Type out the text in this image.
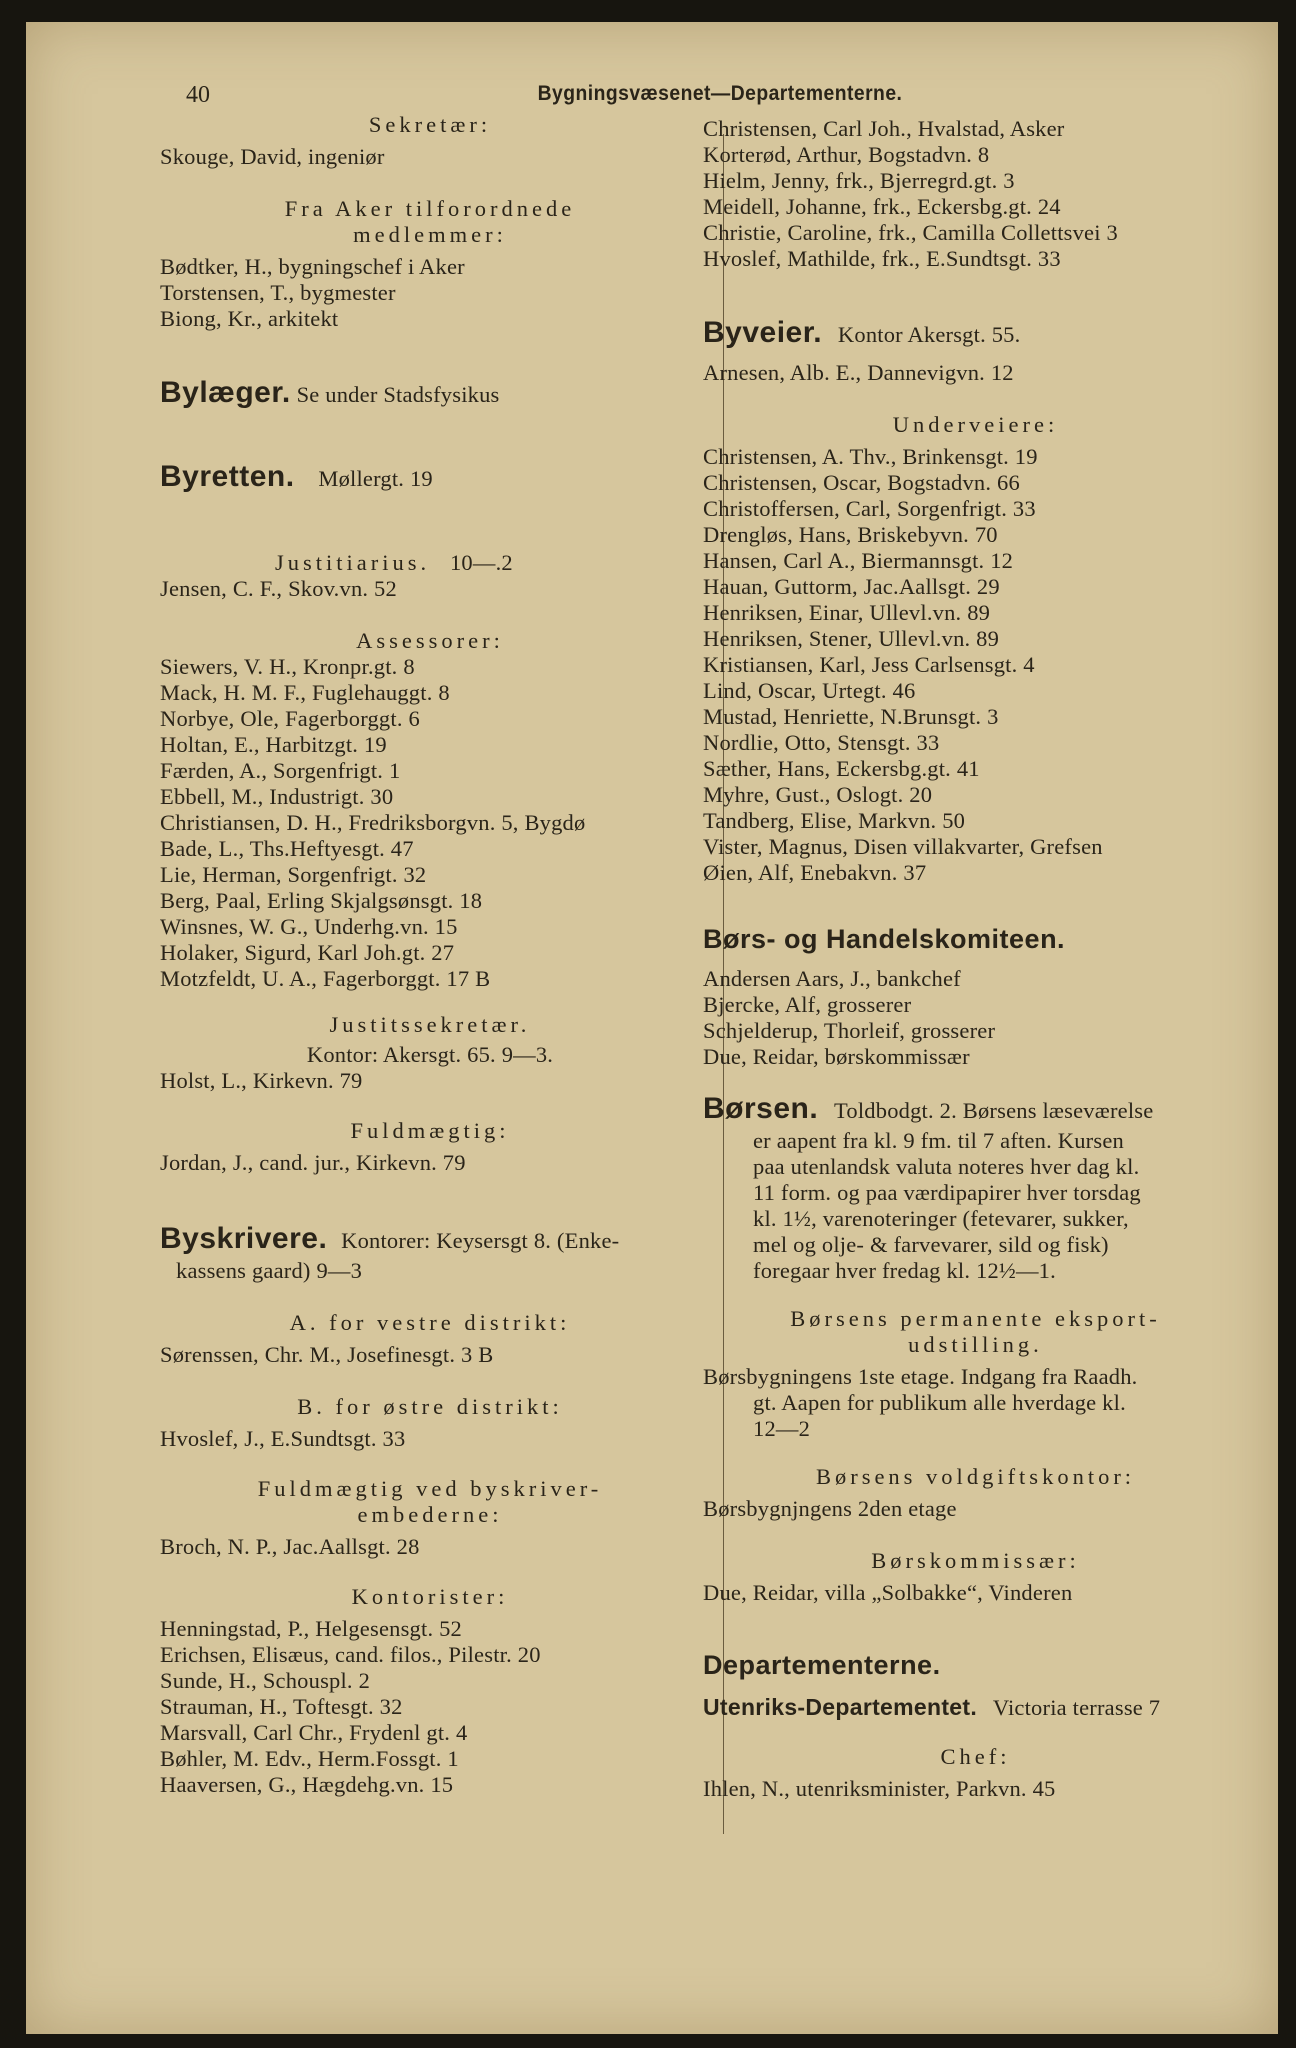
40	Bygningsvæsenet—Departementerne.
Sekretær:
Skouge, David, ingeniør
Fra Aker tilforordnede
medlemmer:
Bødtker, H., bygningschef i Aker
Torstensen, T., bygmester
Biong, Kr., arkitekt
Bylæger. Se under Stadsfysikus
Byretten. Møllergt. 19
Justitiarius. 10—.2
Jensen, C. F., Skov.vn. 52
Assessorer:
Siewers, V. H., Kronpr.gt. 8
Mack, H. M. F., Fuglehauggt. 8
Norbye, Ole, Fagerborggt. 6
Holtan, E., Harbitzgt. 19
Færden, A., Sorgenfrigt. 1
Ebbell, M., Industrigt. 30
Christiansen, D. H., Fredriksborgvn. 5, Bygdø
Bade, L., Ths.Heftyesgt. 47
Lie, Herman, Sorgenfrigt. 32
Berg, Paal, Erling Skjalgsønsgt. 18
Winsnes, W. G., Underhg.vn. 15
Holaker, Sigurd, Karl Joh.gt. 27
Motzfeldt, U. A., Fagerborggt. 17 B
Justitssekretær.
Kontor: Akersgt. 65. 9—3.
Holst, L., Kirkevn. 79
Fuldmægtig:
Jordan, J., cand. jur., Kirkevn. 79
Byskrivere. Kontorer: Keysersgt 8. (Enke-
kassens gaard) 9—3
A. for vestre distrikt:
Sørenssen, Chr. M., Josefinesgt. 3 B
B. for østre distrikt:
Hvoslef, J., E.Sundtsgt. 33
Fuldmægtig ved byskriver-
embederne:
Broch, N. P., Jac.Aallsgt. 28
Kontorister:
Henningstad, P., Helgesensgt. 52
Erichsen, Elisæus, cand. filos., Pilestr. 20
Sunde, H., Schouspl. 2
Strauman, H., Toftesgt. 32
Marsvall, Carl Chr., Frydenl gt. 4
Bøhler, M. Edv., Herm.Fossgt. 1
Haaversen, G., Hægdehg.vn. 15
Christensen, Carl Joh., Hvalstad, Asker
Korterød, Arthur, Bogstadvn. 8
Hielm, Jenny, frk., Bjerregrd.gt. 3
Meidell, Johanne, frk., Eckersbg.gt. 24
Christie, Caroline, frk., Camilla Collettsvei 3
Hvoslef, Mathilde, frk., E.Sundtsgt. 33
Byveier. Kontor Akersgt. 55.
Arnesen, Alb. E., Dannevigvn. 12
Underveiere:
Christensen, A. Thv., Brinkensgt. 19
Christensen, Oscar, Bogstadvn. 66
Christoffersen, Carl, Sorgenfrigt. 33
Drengløs, Hans, Briskebyvn. 70
Hansen, Carl A., Biermannsgt. 12
Hauan, Guttorm, Jac.Aallsgt. 29
Henriksen, Einar, Ullevl.vn. 89
Henriksen, Stener, Ullevl.vn. 89
Kristiansen, Karl, Jess Carlsensgt. 4
Lind, Oscar, Urtegt. 46
Mustad, Henriette, N.Brunsgt. 3
Nordlie, Otto, Stensgt. 33
Sæther, Hans, Eckersbg.gt. 41
Myhre, Gust., Oslogt. 20
Tandberg, Elise, Markvn. 50
Vister, Magnus, Disen villakvarter, Grefsen
Øien, Alf, Enebakvn. 37
Børs- og Handelskomiteen.
Andersen Aars, J., bankchef
Bjercke, Alf, grosserer
Schjelderup, Thorleif, grosserer
Due, Reidar, børskommissær
Børsen. Toldbodgt. 2. Børsens læseværelse
er aapent fra kl. 9 fm. til 7 aften. Kursen
paa utenlandsk valuta noteres hver dag kl.
11 form. og paa værdipapirer hver torsdag
kl. 1½, varenoteringer (fetevarer, sukker,
mel og olje- & farvevarer, sild og fisk)
foregaar hver fredag kl. 12½—1.
Børsens permanente eksport-
udstilling.
Børsbygningens 1ste etage. Indgang fra Raadh.
gt. Aapen for publikum alle hverdage kl.
12—2
Børsens voldgiftskontor:
Børsbygnjngens 2den etage
Børskommissær:
Due, Reidar, villa „Solbakke“, Vinderen
Departementerne.
Utenriks-Departementet. Victoria terrasse 7
Chef:
Ihlen, N., utenriksminister, Parkvn. 45
